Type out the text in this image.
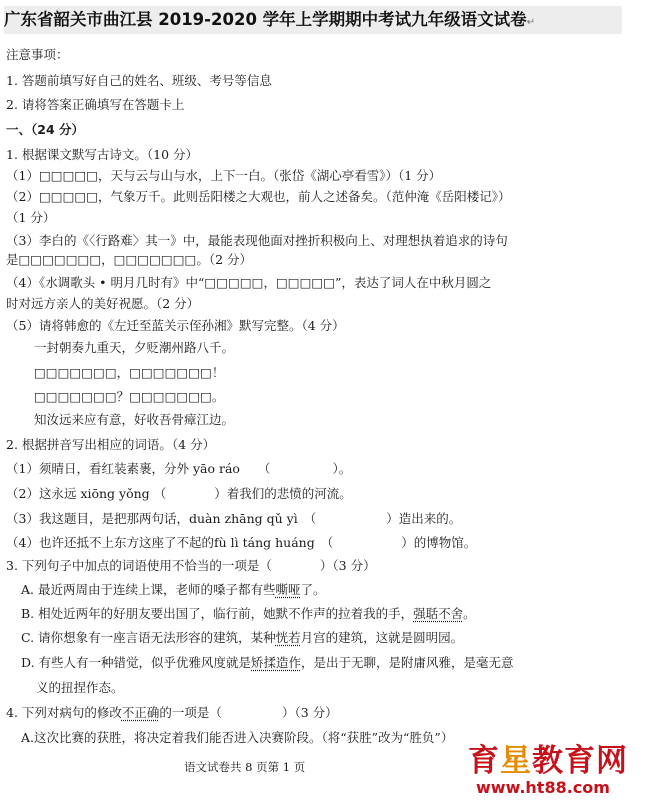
广东省韶关市曲江县 2019-2020 学年上学期期中考试九年级语文试卷↵
注意事项：
1. 答题前填写好自己的姓名、班级、考号等信息
2. 请将答案正确填写在答题卡上
一、（24 分）
1. 根据课文默写古诗文。（10 分）
（1）□□□□□，天与云与山与水，上下一白。（张岱《湖心亭看雪》）（1 分）
（2）□□□□□，气象万千。此则岳阳楼之大观也，前人之述备矣。（范仲淹《岳阳楼记》）
（1 分）
（3）李白的《〈行路难〉其一》中，最能表现他面对挫折积极向上、对理想执着追求的诗句
是□□□□□□□，□□□□□□□。（2 分）
（4）《水调歌头 • 明月几时有》中“□□□□□，□□□□□”，表达了词人在中秋月圆之
时对远方亲人的美好祝愿。（2 分）
（5）请将韩愈的《左迁至蓝关示侄孙湘》默写完整。（4 分）
一封朝奏九重天，夕贬潮州路八千。
□□□□□□□，□□□□□□□！
□□□□□□□？□□□□□□□。
知汝远来应有意，好收吾骨瘴江边。
2. 根据拼音写出相应的词语。（4 分）
（1）须晴日，看红装素裹，分外 yāo ráo （	）。
（2）这永远 xiōng yǒng （	）着我们的悲愤的河流。
（3）我这题目，是把那两句话，duàn zhāng qǔ yì （	）造出来的。
（4）也许还抵不上东方这座了不起的fù lì táng huáng （	）的博物馆。
3. 下列句子中加点的词语使用不恰当的一项是（	）（3 分）
A. 最近两周由于连续上课，老师的嗓子都有些嘶哑了。
B. 相处近两年的好朋友要出国了，临行前，她默不作声的拉着我的手，强聒不舍。
C. 请你想象有一座言语无法形容的建筑，某种恍若月宫的建筑，这就是圆明园。
D. 有些人有一种错觉，似乎优雅风度就是矫揉造作，是出于无聊，是附庸风雅，是毫无意
义的扭捏作态。
4. 下列对病句的修改不正确的一项是（	）（3 分）
A.这次比赛的获胜，将决定着我们能否进入决赛阶段。（将“获胜”改为“胜负”）
语文试卷共 8 页第 1 页	育星教育网
www.ht88.com
